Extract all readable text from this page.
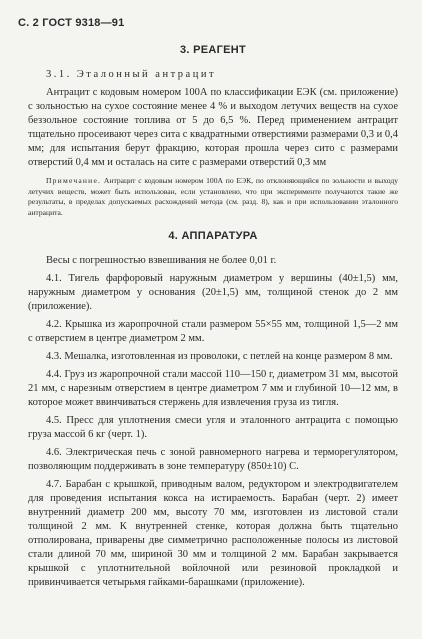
С. 2 ГОСТ 9318—91
3. РЕАГЕНТ

3.1. Эталонный антрацит

Антрацит с кодовым номером 100А по классификации ЕЭК (см. приложение) с зольностью на сухое состояние менее 4 % и выходом летучих веществ на сухое беззольное состояние топлива от 5 до 6,5 %. Перед применением антрацит тщательно просеивают через сита с квадратными отверстиями размерами 0,3 и 0,4 мм; для испытания берут фракцию, которая прошла через сито с размерами отверстий 0,4 мм и осталась на сите с размерами отверстий 0,3 мм

Примечание. Антрацит с кодовым номером 100А по ЕЭК, по отклоняющийся по зольности и выходу летучих веществ, может быть использован, если установлено, что при эксперименте получаются такие же результаты, в пределах допускаемых расхождений метода (см. разд. 8), как и при использовании эталонного антрацита.

4. АППАРАТУРА

Весы с погрешностью взвешивания не более 0,01 г.

4.1. Тигель фарфоровый наружным диаметром у вершины (40±1,5) мм, наружным диаметром у основания (20±1,5) мм, толщиной стенок до 2 мм (приложение).

4.2. Крышка из жаропрочной стали размером 55×55 мм, толщиной 1,5—2 мм с отверстием в центре диаметром 2 мм.

4.3. Мешалка, изготовленная из проволоки, с петлей на конце размером 8 мм.

4.4. Груз из жаропрочной стали массой 110—150 г, диаметром 31 мм, высотой 21 мм, с нарезным отверстием в центре диаметром 7 мм и глубиной 10—12 мм, в которое может ввинчиваться стержень для извлечения груза из тигля.

4.5. Пресс для уплотнения смеси угля и эталонного антрацита с помощью груза массой 6 кг (черт. 1).

4.6. Электрическая печь с зоной равномерного нагрева и терморегулятором, позволяющим поддерживать в зоне температуру (850±10) С.

4.7. Барабан с крышкой, приводным валом, редуктором и электродвигателем для проведения испытания кокса на истираемость. Барабан (черт. 2) имеет внутренний диаметр 200 мм, высоту 70 мм, изготовлен из листовой стали толщиной 2 мм. К внутренней стенке, которая должна быть тщательно отполирована, приварены две симметрично расположенные полосы из листовой стали длиной 70 мм, шириной 30 мм и толщиной 2 мм. Барабан закрывается крышкой с уплотнительной войлочной или резиновой прокладкой и привинчивается четырьмя гайками-барашками (приложение).
